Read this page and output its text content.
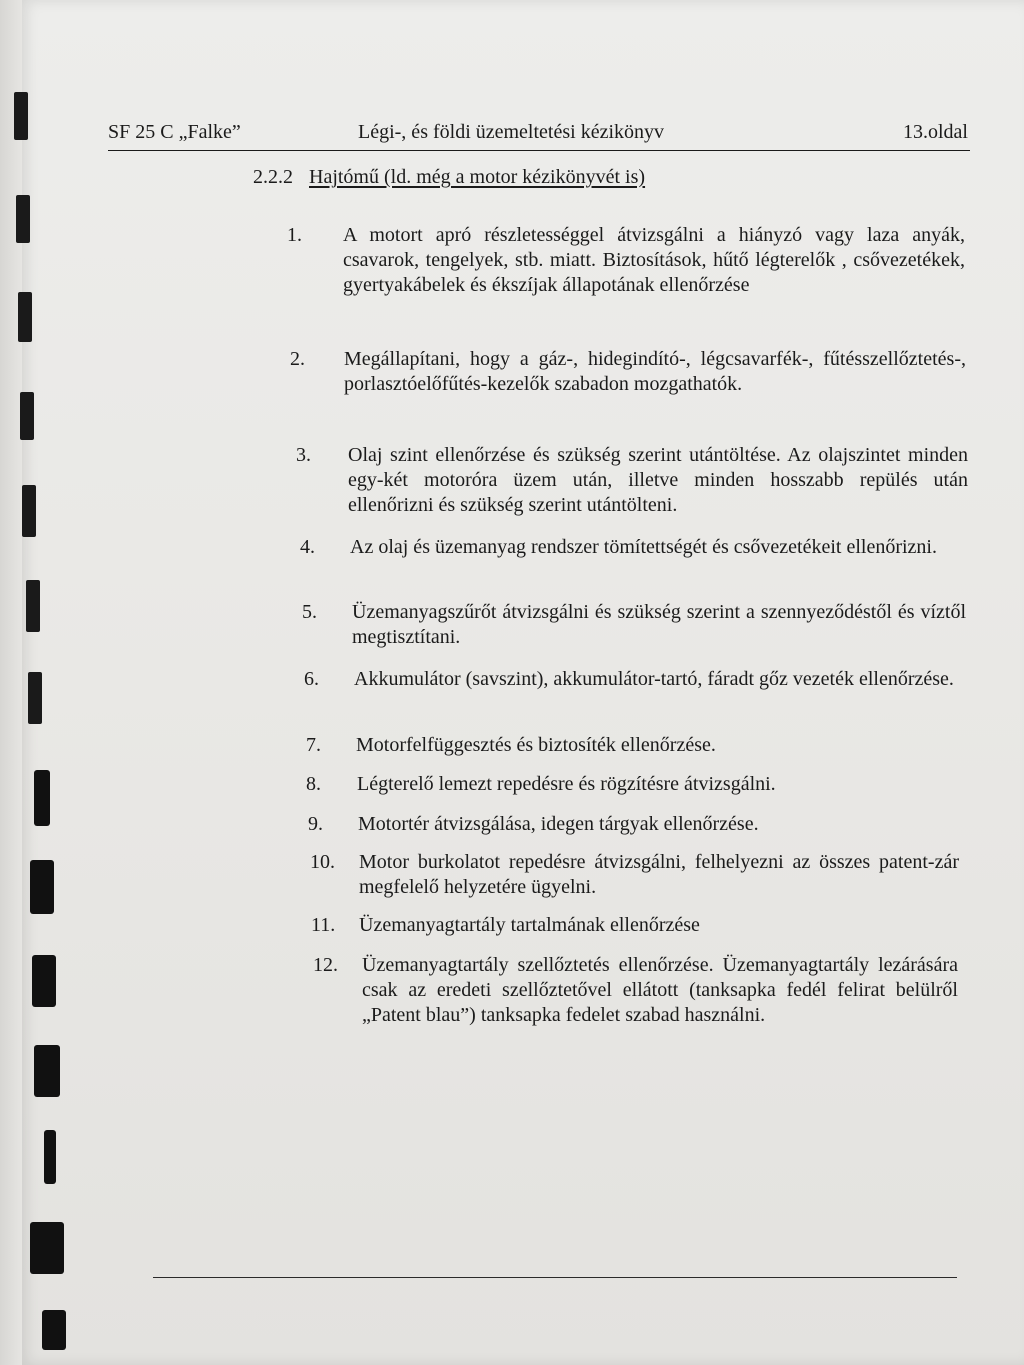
SF 25 C „Falke”	Légi-, és földi üzemeltetési kézikönyv	13.oldal
2.2.2 Hajtómű (ld. még a motor kézikönyvét is)
1. A motort apró részletességgel átvizsgálni a hiányzó vagy laza anyák, csavarok, tengelyek, stb. miatt. Biztosítások, hűtő légterelők , csővezetékek, gyertyakábelek és ékszíjak állapotának ellenőrzése
2. Megállapítani, hogy a gáz-, hidegindító-, légcsavarfék-, fűtésszellőztetés-, porlasztóelőfűtés-kezelők szabadon mozgathatók.
3. Olaj szint ellenőrzése és szükség szerint utántöltése. Az olajszintet minden egy-két motoróra üzem után, illetve minden hosszabb repülés után ellenőrizni és szükség szerint utántölteni.
4. Az olaj és üzemanyag rendszer tömítettségét és csővezetékeit ellenőrizni.
5. Üzemanyagszűrőt átvizsgálni és szükség szerint a szennyeződéstől és víztől megtisztítani.
6. Akkumulátor (savszint), akkumulátor-tartó, fáradt gőz vezeték ellenőrzése.
7. Motorfelfüggesztés és biztosíték ellenőrzése.
8. Légterelő lemezt repedésre és rögzítésre átvizsgálni.
9. Motortér átvizsgálása, idegen tárgyak ellenőrzése.
10. Motor burkolatot repedésre átvizsgálni, felhelyezni az összes patent-zár megfelelő helyzetére ügyelni.
11. Üzemanyagtartály tartalmának ellenőrzése
12. Üzemanyagtartály szellőztetés ellenőrzése. Üzemanyagtartály lezárására csak az eredeti szellőztetővel ellátott (tanksapka fedél felirat belülről „Patent blau”) tanksapka fedelet szabad használni.
